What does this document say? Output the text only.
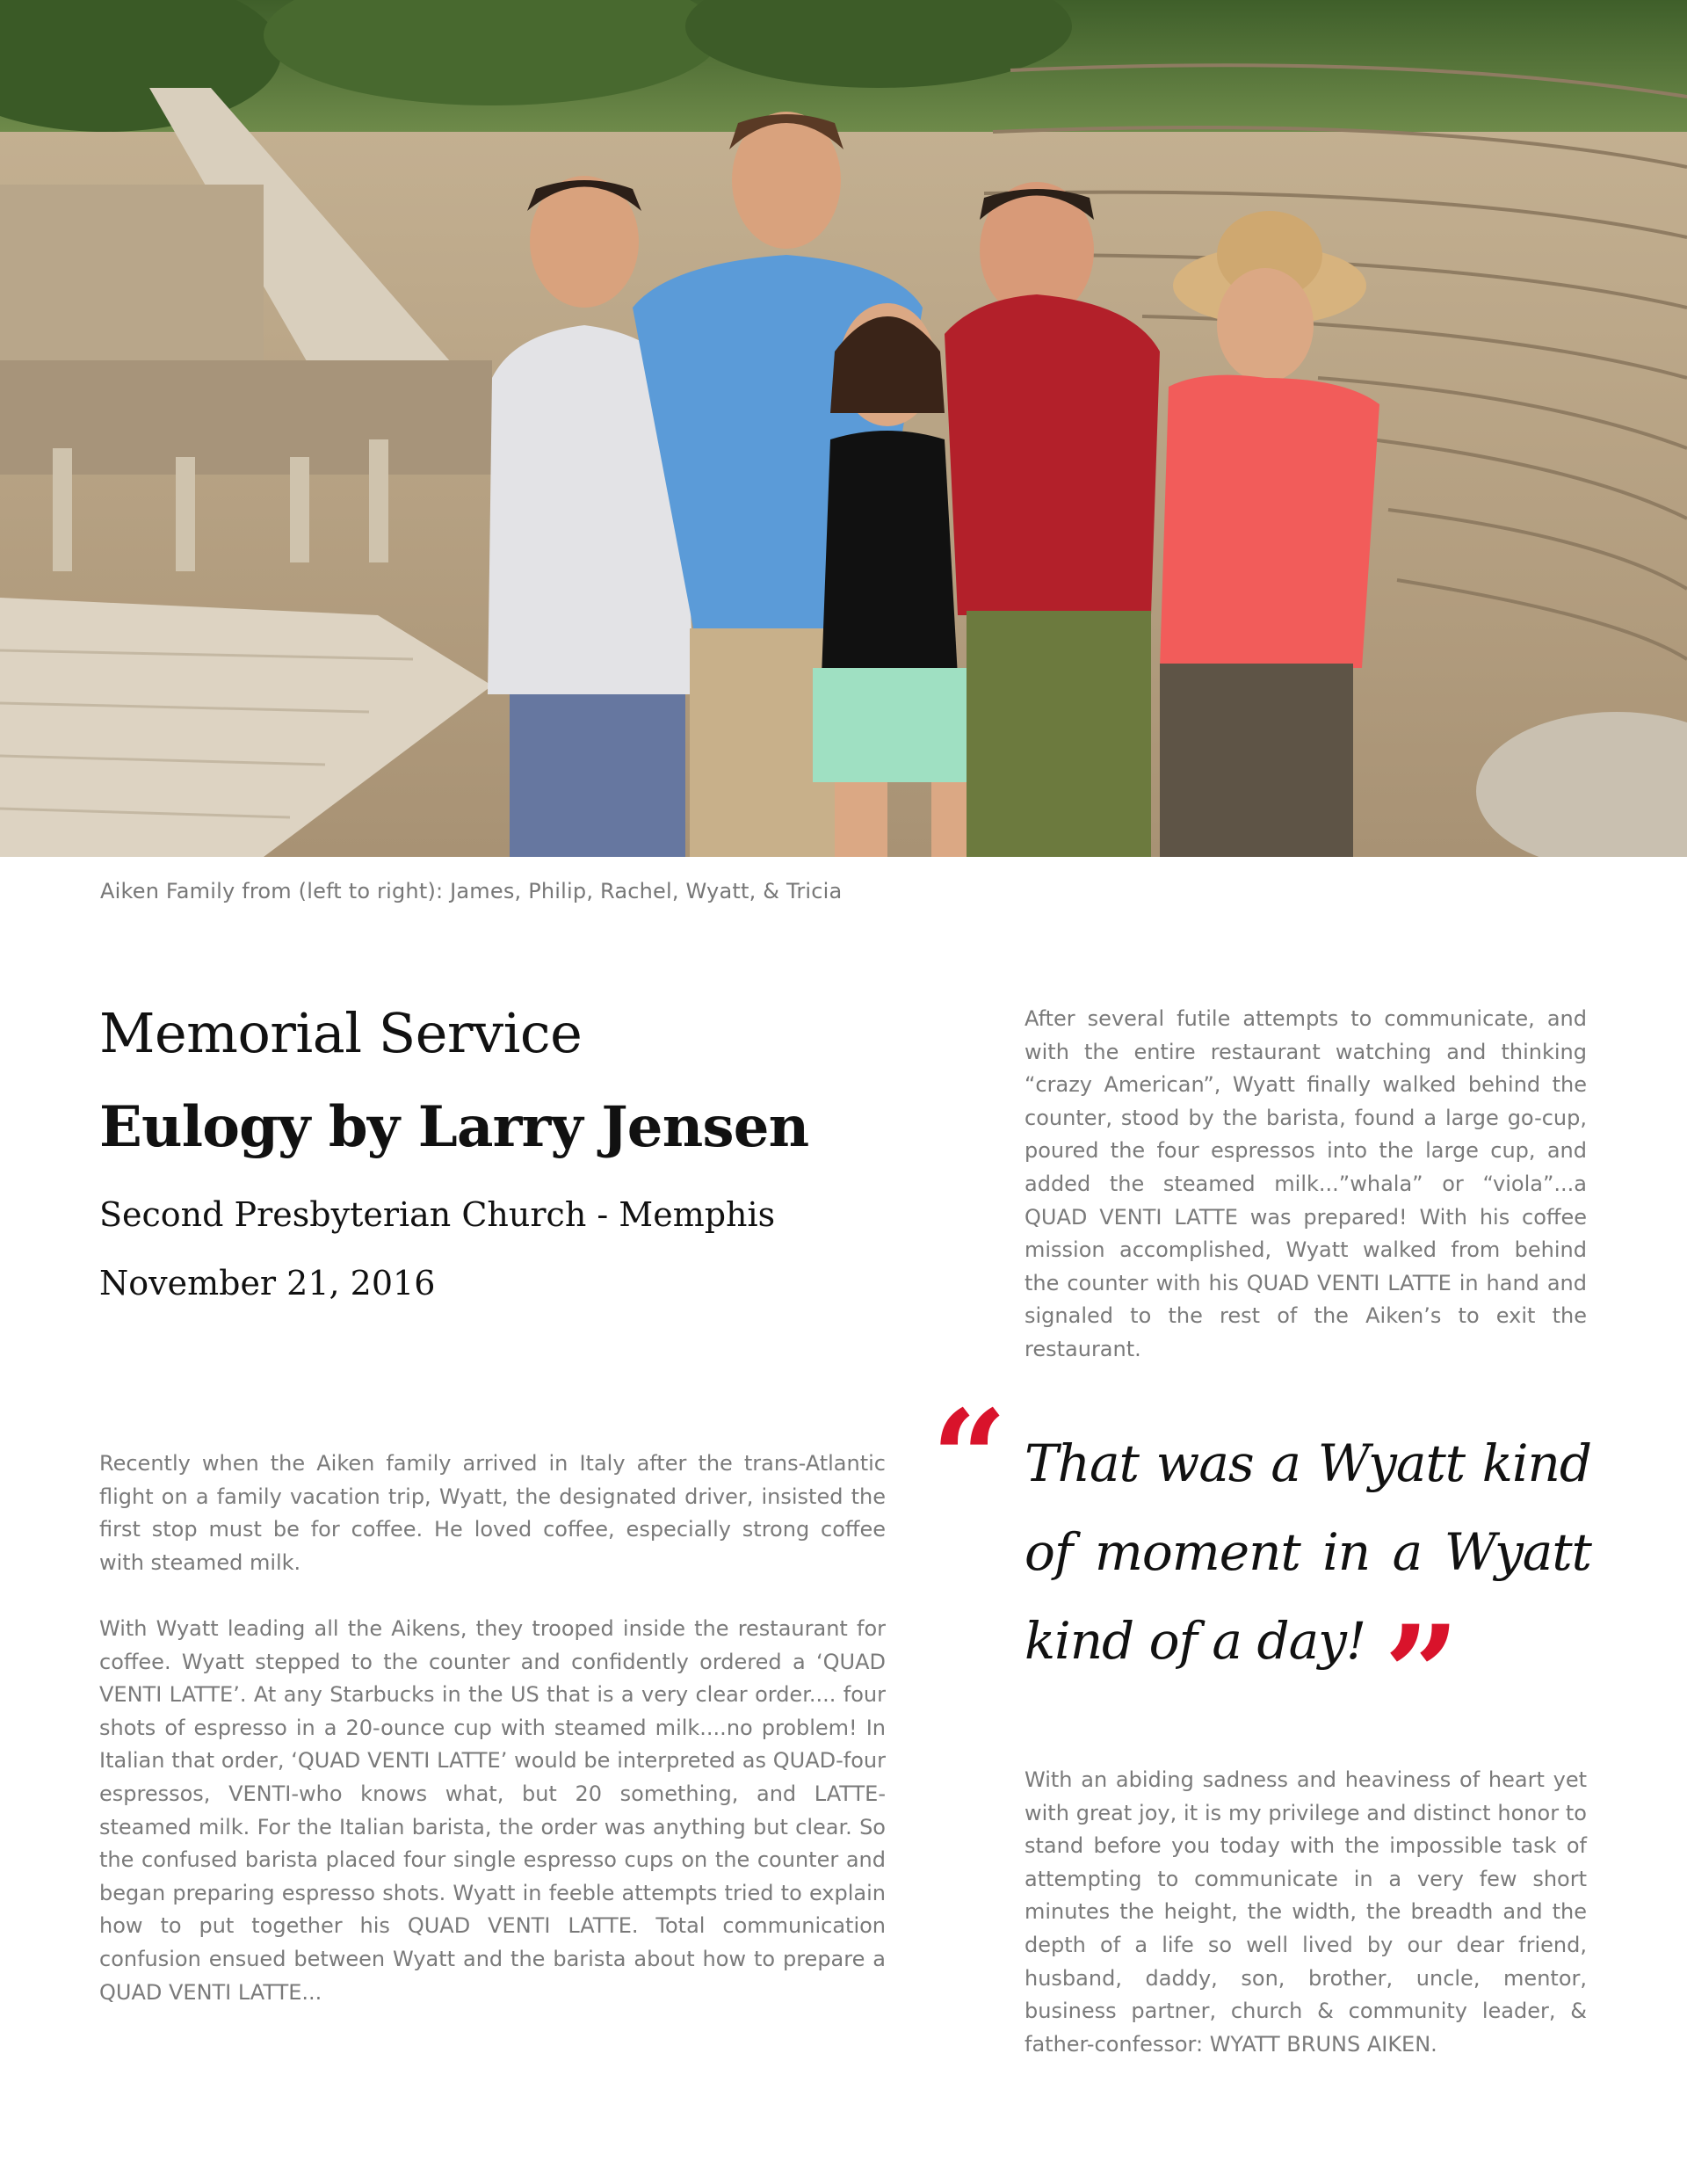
Aiken Family from (left to right): James, Philip, Rachel, Wyatt, & Tricia
Memorial Service
Eulogy by Larry Jensen
Second Presbyterian Church - Memphis
November 21, 2016

Recently when the Aiken family arrived in Italy after the trans-Atlantic flight on a family vacation trip, Wyatt, the designated driver, insisted the first stop must be for coffee. He loved coffee, especially strong coffee with steamed milk.

With Wyatt leading all the Aikens, they trooped inside the restaurant for coffee. Wyatt stepped to the counter and confidently ordered a ‘QUAD VENTI LATTE’. At any Starbucks in the US that is a very clear order.... four shots of espresso in a 20-ounce cup with steamed milk....no problem! In Italian that order, ‘QUAD VENTI LATTE’ would be interpreted as QUAD-four espressos, VENTI-who knows what, but 20 something, and LATTE-steamed milk. For the Italian barista, the order was anything but clear. So the confused barista placed four single espresso cups on the counter and began preparing espresso shots. Wyatt in feeble attempts tried to explain how to put together his QUAD VENTI LATTE. Total communication confusion ensued between Wyatt and the barista about how to prepare a QUAD VENTI LATTE...

After several futile attempts to communicate, and with the entire restaurant watching and thinking “crazy American”, Wyatt finally walked behind the counter, stood by the barista, found a large go-cup, poured the four espressos into the large cup, and added the steamed milk...”whala” or “viola”...a QUAD VENTI LATTE was prepared! With his coffee mission accomplished, Wyatt walked from behind the counter with his QUAD VENTI LATTE in hand and signaled to the rest of the Aiken’s to exit the restaurant.

“ That was a Wyatt kind of moment in a Wyatt kind of a day! ”

With an abiding sadness and heaviness of heart yet with great joy, it is my privilege and distinct honor to stand before you today with the impossible task of attempting to communicate in a very few short minutes the height, the width, the breadth and the depth of a life so well lived by our dear friend, husband, daddy, son, brother, uncle, mentor, business partner, church & community leader, & father-confessor: WYATT BRUNS AIKEN.
